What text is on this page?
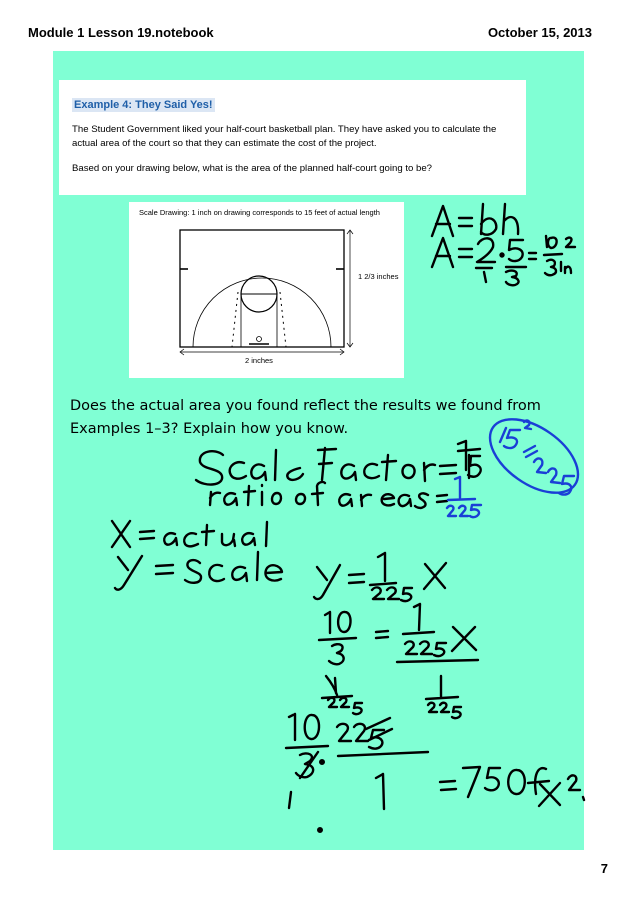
Module 1 Lesson 19.notebook	October 15, 2013
Example 4: They Said Yes!
The Student Government liked your half-court basketball plan. They have asked you to calculate the actual area of the court so that they can estimate the cost of the project.
Based on your drawing below, what is the area of the planned half-court going to be?
Scale Drawing: 1 inch on drawing corresponds to 15 feet of actual length
1 2/3 inches
2 inches
Does the actual area you found reflect the results we found from Examples 1–3? Explain how you know.
7
